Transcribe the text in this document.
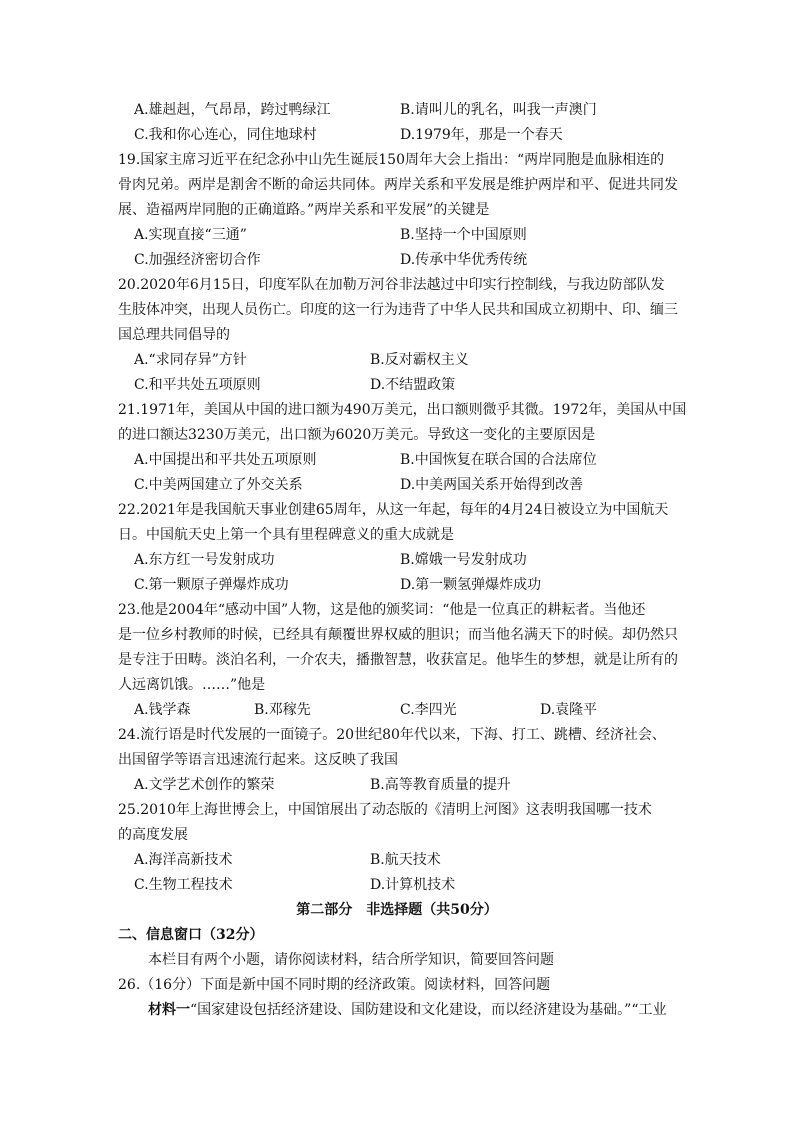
A.雄赳赳，气昂昂，跨过鸭绿江	B.请叫儿的乳名，叫我一声澳门
C.我和你心连心，同住地球村	D.1979年，那是一个春天
19.国家主席习近平在纪念孙中山先生诞辰150周年大会上指出：“两岸同胞是血脉相连的
骨肉兄弟。两岸是割舍不断的命运共同体。两岸关系和平发展是维护两岸和平、促进共同发
展、造福两岸同胞的正确道路。”两岸关系和平发展”的关键是
A.实现直接“三通”	B.坚持一个中国原则
C.加强经济密切合作	D.传承中华优秀传统
20.2020年6月15日，印度军队在加勒万河谷非法越过中印实行控制线，与我边防部队发
生肢体冲突，出现人员伤亡。印度的这一行为违背了中华人民共和国成立初期中、印、缅三
国总理共同倡导的
A.“求同存异”方针	B.反对霸权主义
C.和平共处五项原则	D.不结盟政策
21.1971年，美国从中国的进口额为490万美元，出口额则微乎其微。1972年，美国从中国
的进口额达3230万美元，出口额为6020万美元。导致这一变化的主要原因是
A.中国提出和平共处五项原则	B.中国恢复在联合国的合法席位
C.中美两国建立了外交关系	D.中美两国关系开始得到改善
22.2021年是我国航天事业创建65周年，从这一年起，每年的4月24日被设立为中国航天
日。中国航天史上第一个具有里程碑意义的重大成就是
A.东方红一号发射成功	B.嫦娥一号发射成功
C.第一颗原子弹爆炸成功	D.第一颗氢弹爆炸成功
23.他是2004年“感动中国”人物，这是他的颁奖词：“他是一位真正的耕耘者。当他还
是一位乡村教师的时候，已经具有颠覆世界权威的胆识；而当他名满天下的时候。却仍然只
是专注于田畴。淡泊名利，一介农夫，播撒智慧，收获富足。他毕生的梦想，就是让所有的
人远离饥饿。……”他是
A.钱学森	B.邓稼先	C.李四光	D.袁隆平
24.流行语是时代发展的一面镜子。20世纪80年代以来，下海、打工、跳槽、经济社会、
出国留学等语言迅速流行起来。这反映了我国
A.文学艺术创作的繁荣	B.高等教育质量的提升
25.2010年上海世博会上，中国馆展出了动态版的《清明上河图》这表明我国哪一技术
的高度发展
A.海洋高新技术	B.航天技术
C.生物工程技术	D.计算机技术
第二部分　非选择题（共50分）
二、信息窗口（32分）
本栏目有两个小题，请你阅读材料，结合所学知识，简要回答问题
26.（16分）下面是新中国不同时期的经济政策。阅读材料，回答问题
材料一“国家建设包括经济建设、国防建设和文化建设，而以经济建设为基础。”“工业
